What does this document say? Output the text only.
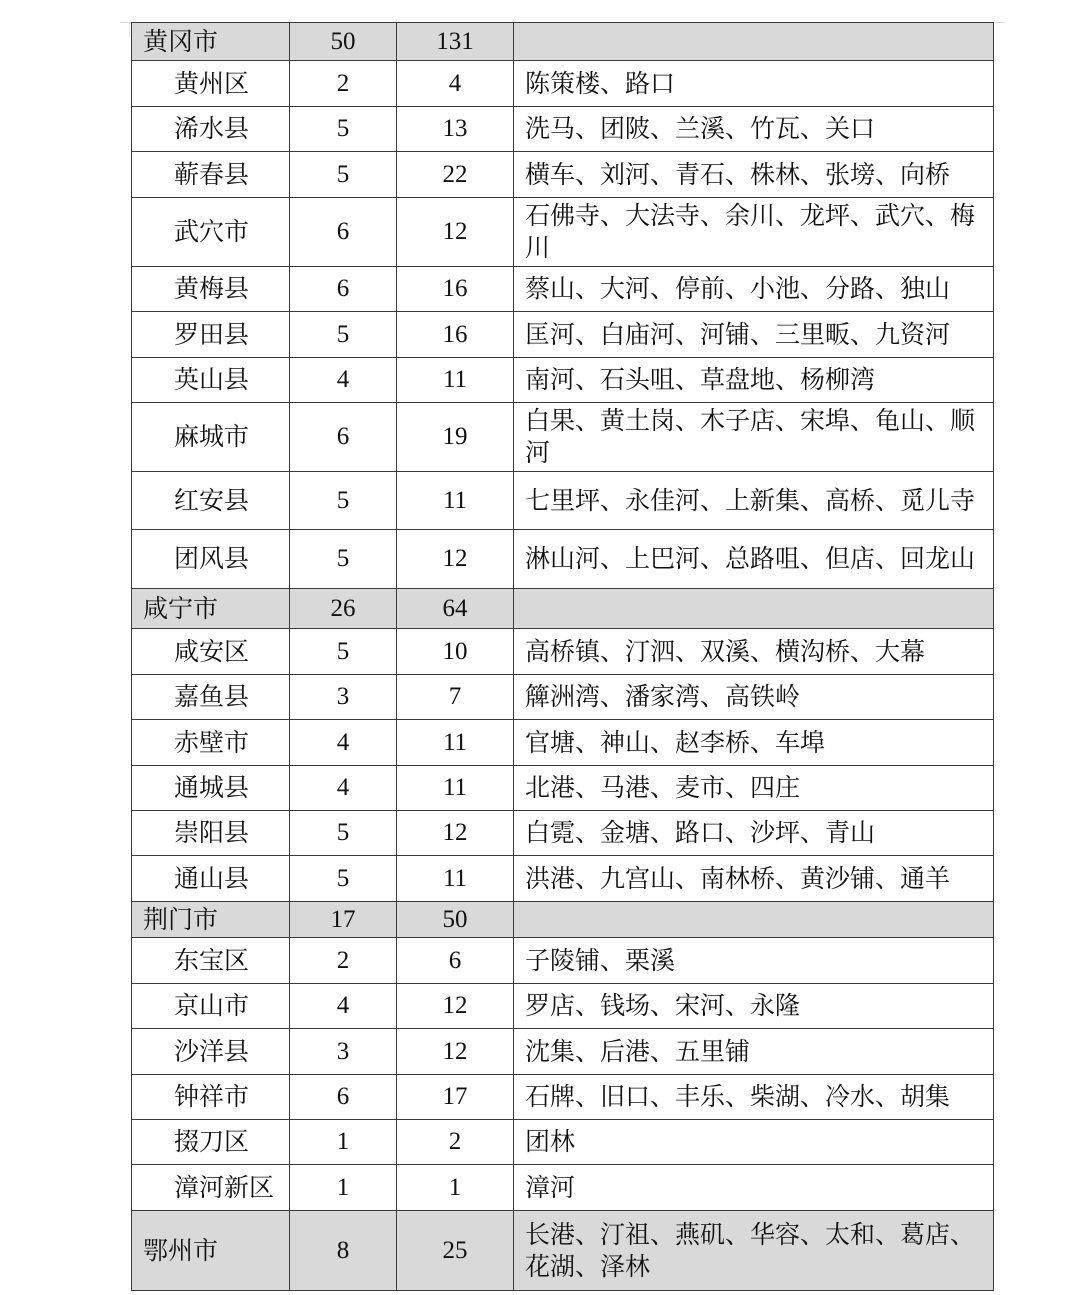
黄冈市	50	131	
黄州区	2	4	陈策楼、路口
浠水县	5	13	洗马、团陂、兰溪、竹瓦、关口
蕲春县	5	22	横车、刘河、青石、株林、张塝、向桥
武穴市	6	12	石佛寺、大法寺、余川、龙坪、武穴、梅川
黄梅县	6	16	蔡山、大河、停前、小池、分路、独山
罗田县	5	16	匡河、白庙河、河铺、三里畈、九资河
英山县	4	11	南河、石头咀、草盘地、杨柳湾
麻城市	6	19	白果、黄土岗、木子店、宋埠、龟山、顺河
红安县	5	11	七里坪、永佳河、上新集、高桥、觅儿寺
团风县	5	12	淋山河、上巴河、总路咀、但店、回龙山
咸宁市	26	64	
咸安区	5	10	高桥镇、汀泗、双溪、横沟桥、大幕
嘉鱼县	3	7	簰洲湾、潘家湾、高铁岭
赤壁市	4	11	官塘、神山、赵李桥、车埠
通城县	4	11	北港、马港、麦市、四庄
崇阳县	5	12	白霓、金塘、路口、沙坪、青山
通山县	5	11	洪港、九宫山、南林桥、黄沙铺、通羊
荆门市	17	50	
东宝区	2	6	子陵铺、栗溪
京山市	4	12	罗店、钱场、宋河、永隆
沙洋县	3	12	沈集、后港、五里铺
钟祥市	6	17	石牌、旧口、丰乐、柴湖、冷水、胡集
掇刀区	1	2	团林
漳河新区	1	1	漳河
鄂州市	8	25	长港、汀祖、燕矶、华容、太和、葛店、花湖、泽林
